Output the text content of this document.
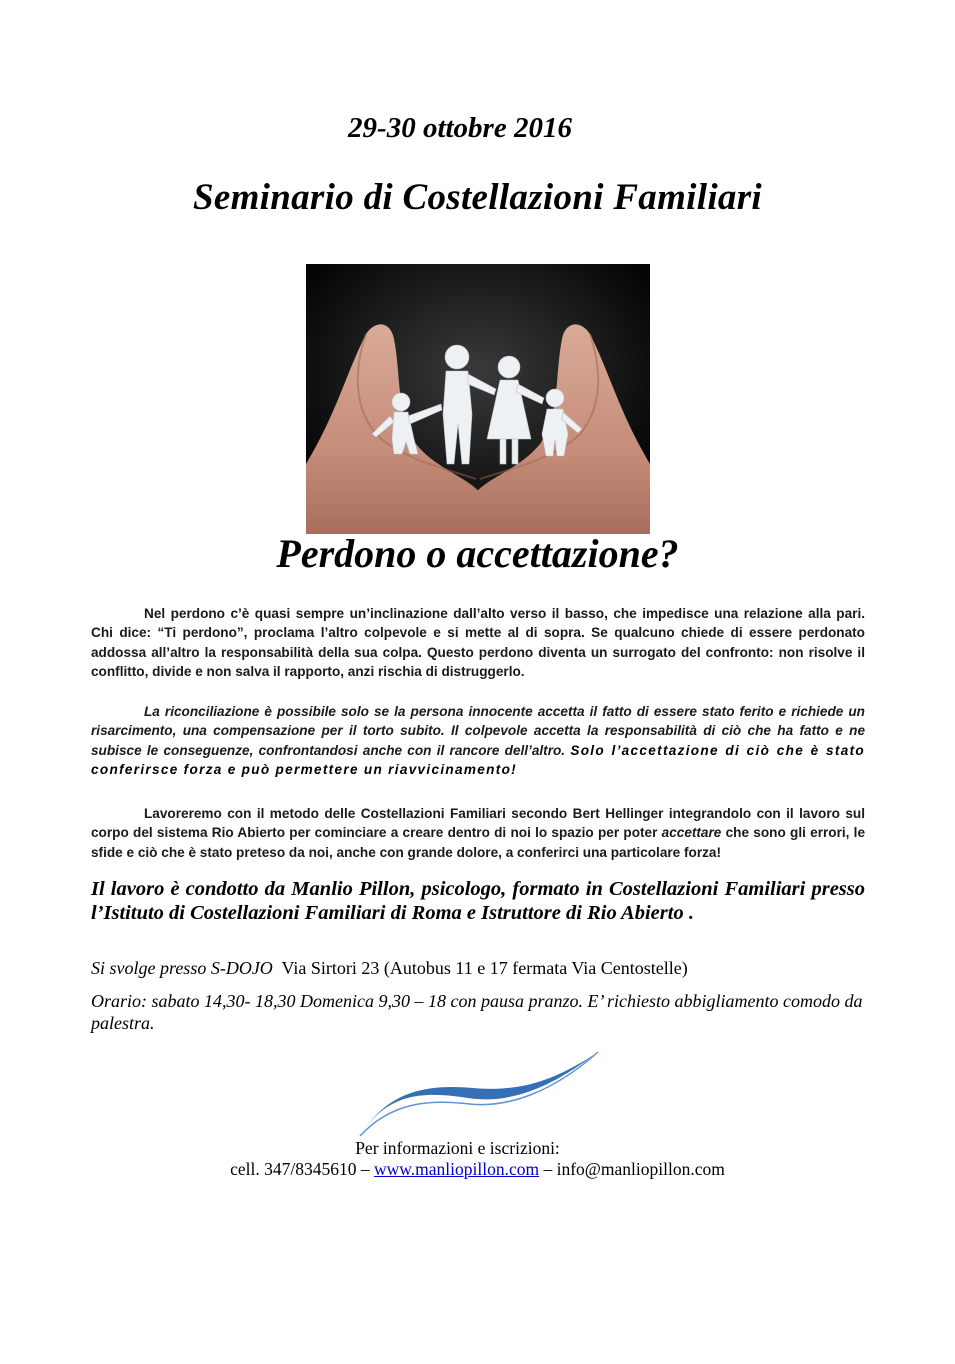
29-30 ottobre 2016
Seminario di Costellazioni Familiari
Perdono o accettazione?
Nel perdono c’è quasi sempre un’inclinazione dall’alto verso il basso, che impedisce una relazione alla pari. Chi dice: “Ti perdono”, proclama l’altro colpevole e si mette al di sopra. Se qualcuno chiede di essere perdonato addossa all’altro la responsabilità della sua colpa. Questo perdono diventa un surrogato del confronto: non risolve il conflitto, divide e non salva il rapporto, anzi rischia di distruggerlo.
La riconciliazione è possibile solo se la persona innocente accetta il fatto di essere stato ferito e richiede un risarcimento, una compensazione per il torto subito. Il colpevole accetta la responsabilità di ciò che ha fatto e ne subisce le conseguenze, confrontandosi anche con il rancore dell’altro. Solo l’accettazione di ciò che è stato conferirsce forza e può permettere un riavvicinamento!
Lavoreremo con il metodo delle Costellazioni Familiari secondo Bert Hellinger integrandolo con il lavoro sul corpo del sistema Rio Abierto per cominciare a creare dentro di noi lo spazio per poter accettare che sono gli errori, le sfide e ciò che è stato preteso da noi, anche con grande dolore, a conferirci una particolare forza!
Il lavoro è condotto da Manlio Pillon, psicologo, formato in Costellazioni Familiari presso l’Istituto di Costellazioni Familiari di Roma e Istruttore di Rio Abierto .
Si svolge presso S-DOJO Via Sirtori 23 (Autobus 11 e 17 fermata Via Centostelle)
Orario: sabato 14,30- 18,30 Domenica 9,30 – 18 con pausa pranzo. E’ richiesto abbigliamento comodo da palestra.
Per informazioni e iscrizioni:
cell. 347/8345610 – www.manliopillon.com – info@manliopillon.com
